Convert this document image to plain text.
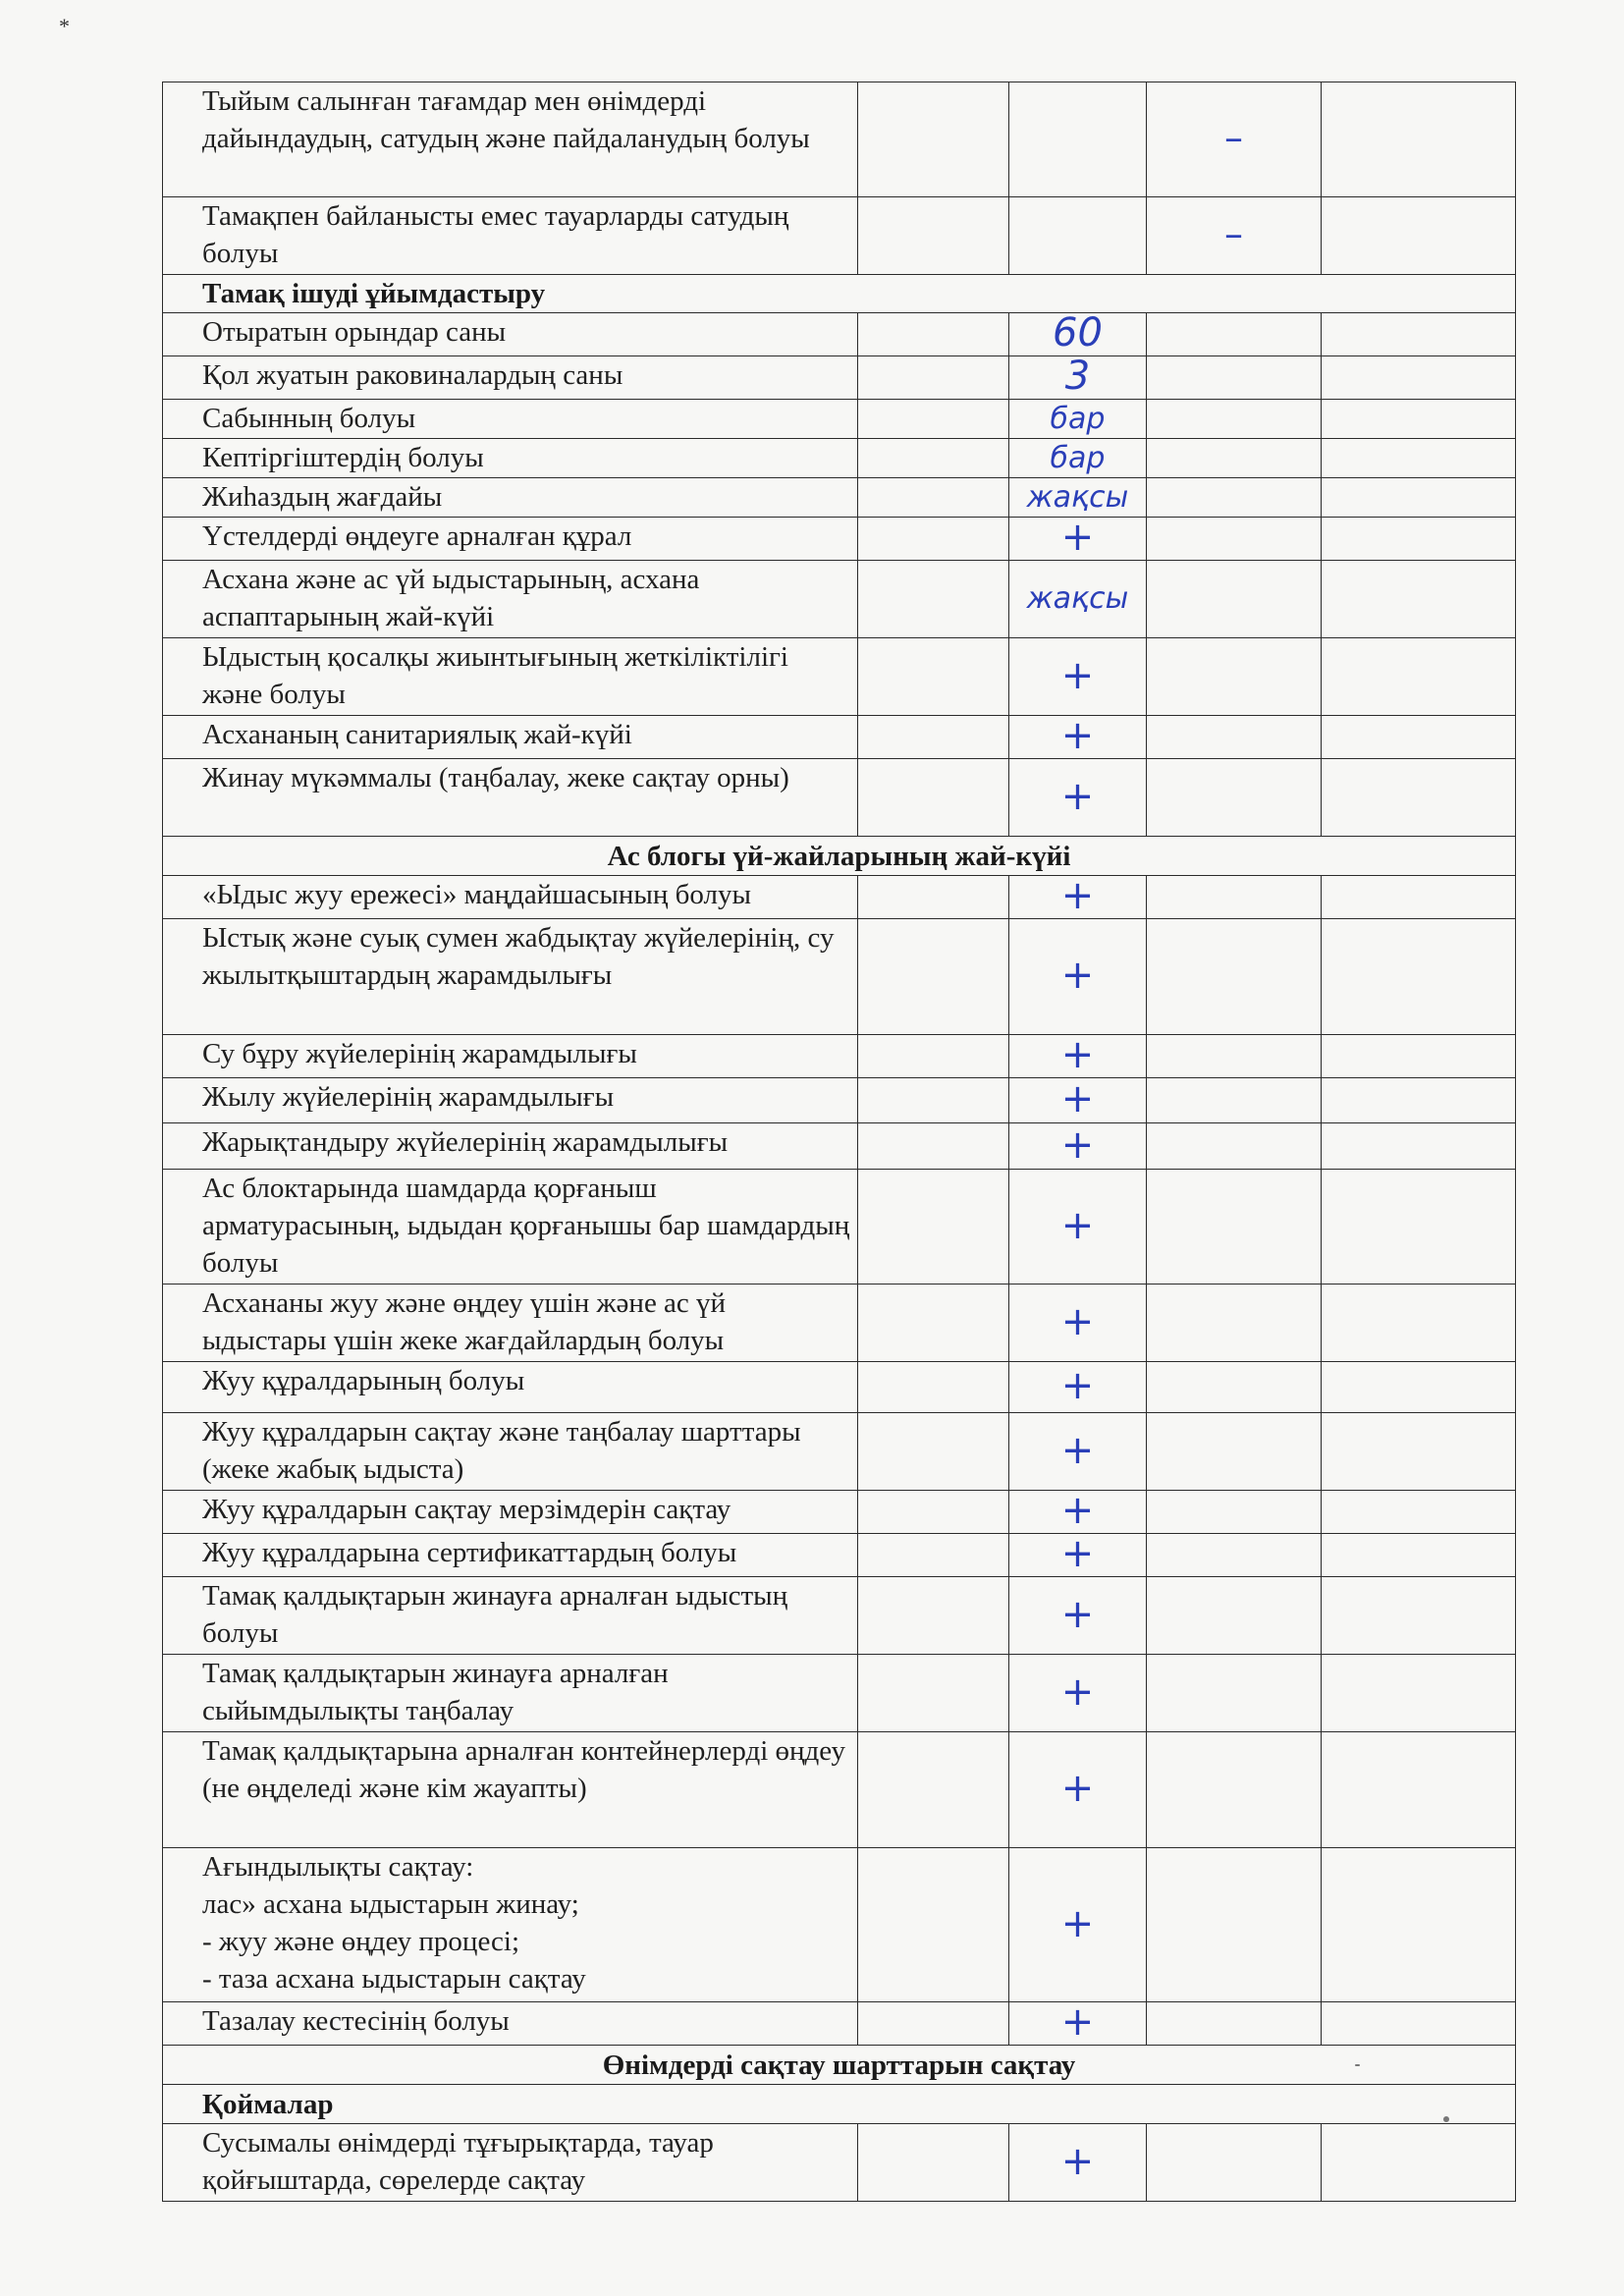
*
Тыйым салынған тағамдар мен өнімдерді дайындаудың, сатудың және пайдаланудың болуы			–	
Тамақпен байланысты емес тауарларды сатудың болуы			–	
Тамақ ішуді ұйымдастыру				
Отыратын орындар саны		60		
Қол жуатын раковиналардың саны		3		
Сабынның болуы		бар		
Кептіргіштердің болуы		бар		
Жиһаздың жағдайы		жақсы		
Үстелдерді өңдеуге арналған құрал		+		
Асхана және ас үй ыдыстарының, асхана аспаптарының жай-күйі		жақсы		
Ыдыстың қосалқы жиынтығының жеткіліктілігі және болуы		+		
Асхананың санитариялық жай-күйі		+		
Жинау мүкәммалы (таңбалау, жеке сақтау орны)		+		
Ас блогы үй-жайларының жай-күйі				
«Ыдыс жуу ережесі» маңдайшасының болуы		+		
Ыстық және суық сумен жабдықтау жүйелерінің, су жылытқыштардың жарамдылығы		+		
Су бұру жүйелерінің жарамдылығы		+		
Жылу жүйелерінің жарамдылығы		+		
Жарықтандыру жүйелерінің жарамдылығы		+		
Ас блоктарында шамдарда қорғаныш арматурасының, ыдыдан қорғанышы бар шамдардың болуы		+		
Асхананы жуу және өңдеу үшін және ас үй ыдыстары үшін жеке жағдайлардың болуы		+		
Жуу құралдарының болуы		+		
Жуу құралдарын сақтау және таңбалау шарттары (жеке жабық ыдыста)		+		
Жуу құралдарын сақтау мерзімдерін сақтау		+		
Жуу құралдарына сертификаттардың болуы		+		
Тамақ қалдықтарын жинауға арналған ыдыстың болуы		+		
Тамақ қалдықтарын жинауға арналған сыйымдылықты таңбалау		+		
Тамақ қалдықтарына арналған контейнерлерді өңдеу (не өңделеді және кім жауапты)		+		
Ағындылықты сақтау:
лас» асхана ыдыстарын жинау;
- жуу және өңдеу процесі;
- таза асхана ыдыстарын сақтау		+		
Тазалау кестесінің болуы		+		
Өнімдерді сақтау шарттарын сақтау				
Қоймалар				
Сусымалы өнімдерді тұғырықтарда, тауар қойғыштарда, сөрелерде сақтау		+		
